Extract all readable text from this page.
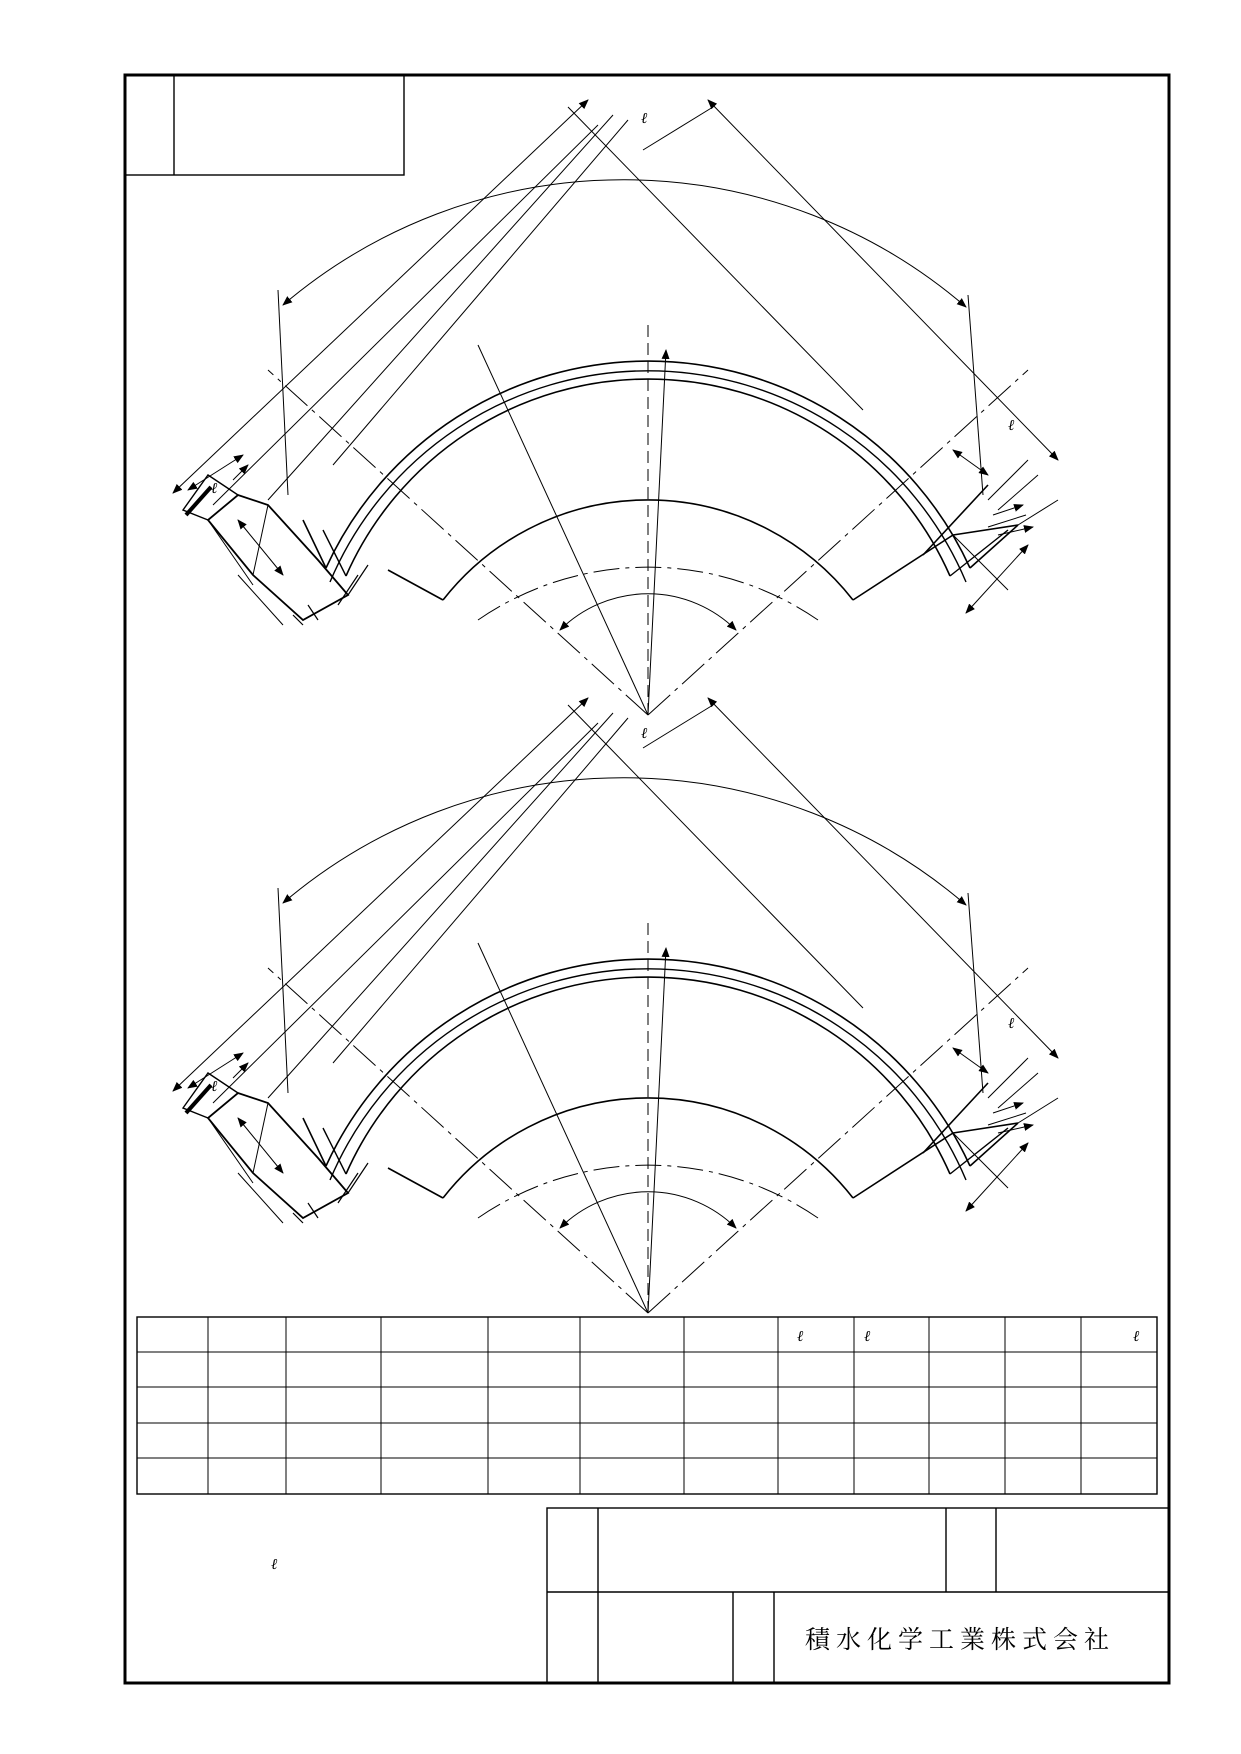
ℓ
ℓ
ℓ
ℓ
ℓ
ℓ
ℓ	ℓ	ℓ
ℓ
積水化学工業株式会社
